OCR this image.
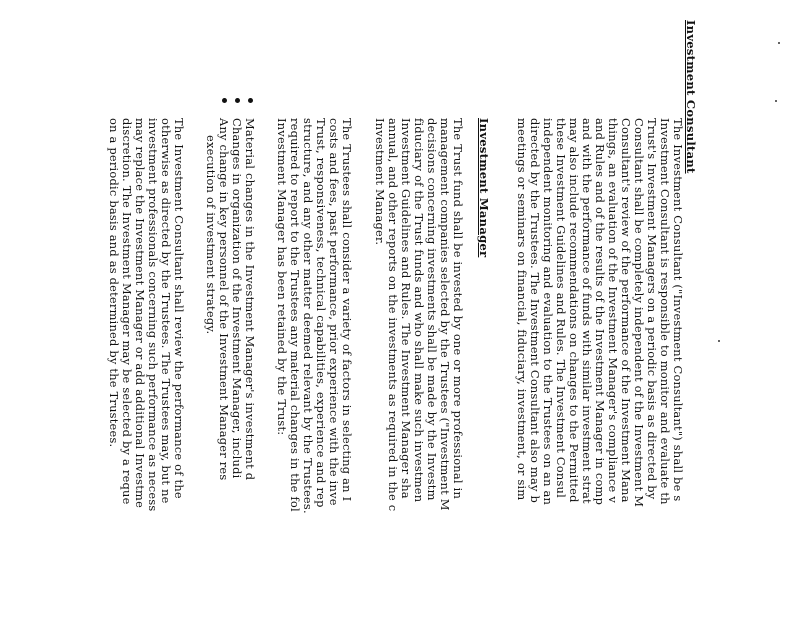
Investment Consultant
The Investment Consultant ("Investment Consultant") shall be s
Investment Consultant is responsible to monitor and evaluate th
Trust's Investment Managers on a periodic basis as directed by
Consultant shall be completely independent of the Investment M
Consultant's review of the performance of the Investment Mana
things, an evaluation of the Investment Manager's compliance v
and Rules and of the results of the Investment Manager in comp
and with the performance of funds with similar investment strat
may also include recommendations on changes to the Permitted
these Investment Guidelines and Rules. The Investment Consul
independent monitoring and evaluation to the Trustees on an an
directed by the Trustees. The Investment Consultant also may b
meetings or seminars on financial, fiduciary, investment, or sim
Investment Manager
The Trust fund shall be invested by one or more professional in
management companies selected by the Trustees ("Investment M
decisions concerning investments shall be made by the Investm
fiduciary of the Trust funds and who shall make such investmen
Investment Guidelines and Rules. The Investment Manager sha
annual, and other reports on the investments as required in the c
Investment Manager.
The Trustees shall consider a variety of factors in selecting an I
costs and fees, past performance, prior experience with the inve
Trust, responsiveness, technical capabilities, experience and rep
structure, and any other matter deemed relevant by the Trustees.
required to report to the Trustees any material changes in the fol
Investment Manager has been retained by the Trust:
Material changes in the Investment Manager's investment d
Changes in organization of the Investment Manager, includi
Any change in key personnel of the Investment Manager res
execution of investment strategy.
The Investment Consultant shall review the performance of the
otherwise as directed by the Trustees. The Trustees may, but ne
investment professionals concerning such performance as necess
may replace the Investment Manager or add additional Investme
discretion. The Investment Manager may be selected by a reque
on a periodic basis and as determined by the Trustees.
